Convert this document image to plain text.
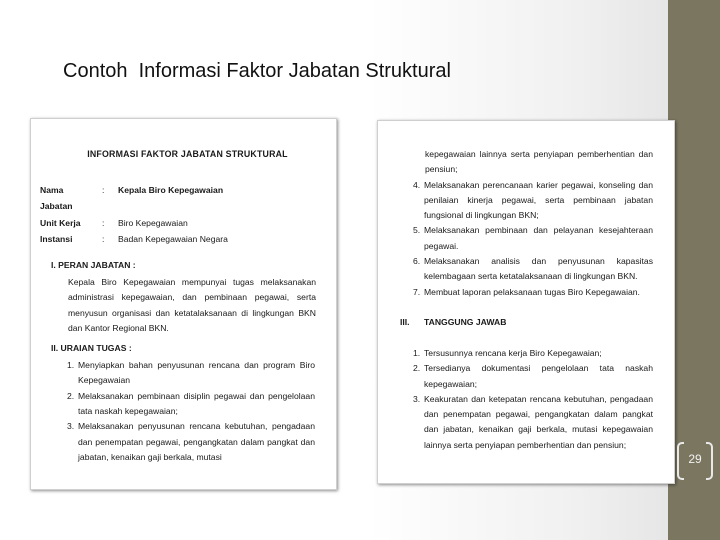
Contoh  Informasi Faktor Jabatan Struktural
INFORMASI FAKTOR JABATAN STRUKTURAL
Nama	:	Kepala Biro Kepegawaian
Jabatan
Unit Kerja	:	Biro Kepegawaian
Instansi	:	Badan Kepegawaian Negara
I. PERAN JABATAN :
Kepala Biro Kepegawaian mempunyai tugas melaksanakan administrasi kepegawaian, dan pembinaan pegawai, serta menyusun organisasi dan ketatalaksanaan di lingkungan BKN dan Kantor Regional BKN.
II. URAIAN TUGAS :
1. Menyiapkan bahan penyusunan rencana dan program Biro Kepegawaian
2. Melaksanakan pembinaan disiplin pegawai dan pengelolaan tata naskah kepegawaian;
3. Melaksanakan penyusunan rencana kebutuhan, pengadaan dan penempatan pegawai, pengangkatan dalam pangkat dan jabatan, kenaikan gaji berkala, mutasi
kepegawaian lainnya serta penyiapan pemberhentian dan pensiun;
4. Melaksanakan perencanaan karier pegawai, konseling dan penilaian kinerja pegawai, serta pembinaan jabatan fungsional di lingkungan BKN;
5. Melaksanakan pembinaan dan pelayanan kesejahteraan pegawai.
6. Melaksanakan analisis dan penyusunan kapasitas kelembagaan serta ketatalaksanaan di lingkungan BKN.
7. Membuat laporan pelaksanaan tugas Biro Kepegawaian.
III.	TANGGUNG JAWAB
1. Tersusunnya rencana kerja Biro Kepegawaian;
2. Tersedianya dokumentasi pengelolaan tata naskah kepegawaian;
3. Keakuratan dan ketepatan rencana kebutuhan, pengadaan dan penempatan pegawai, pengangkatan dalam pangkat dan jabatan, kenaikan gaji berkala, mutasi kepegawaian lainnya serta penyiapan pemberhentian dan pensiun;
29
